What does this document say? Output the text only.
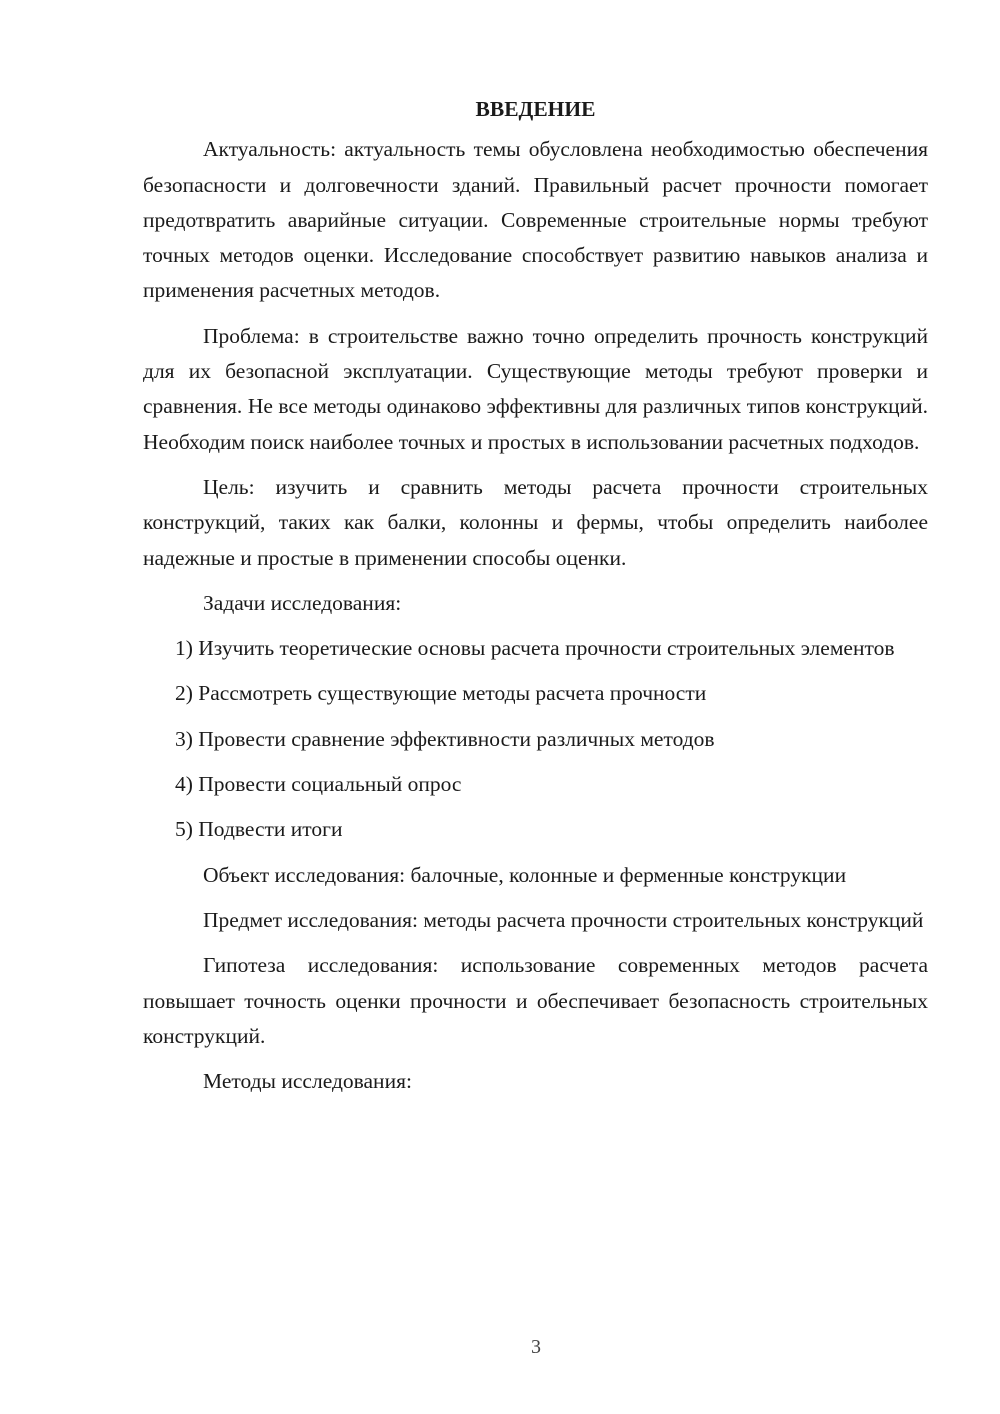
ВВЕДЕНИЕ

Актуальность: актуальность темы обусловлена необходимостью обеспечения безопасности и долговечности зданий. Правильный расчет прочности помогает предотвратить аварийные ситуации. Современные строительные нормы требуют точных методов оценки. Исследование способствует развитию навыков анализа и применения расчетных методов.

Проблема: в строительстве важно точно определить прочность конструкций для их безопасной эксплуатации. Существующие методы требуют проверки и сравнения. Не все методы одинаково эффективны для различных типов конструкций. Необходим поиск наиболее точных и простых в использовании расчетных подходов.

Цель: изучить и сравнить методы расчета прочности строительных конструкций, таких как балки, колонны и фермы, чтобы определить наиболее надежные и простые в применении способы оценки.

Задачи исследования:

1) Изучить теоретические основы расчета прочности строительных элементов

2) Рассмотреть существующие методы расчета прочности

3) Провести сравнение эффективности различных методов

4) Провести социальный опрос

5) Подвести итоги

Объект исследования: балочные, колонные и ферменные конструкции

Предмет исследования: методы расчета прочности строительных конструкций

Гипотеза исследования: использование современных методов расчета повышает точность оценки прочности и обеспечивает безопасность строительных конструкций.

Методы исследования:

3
